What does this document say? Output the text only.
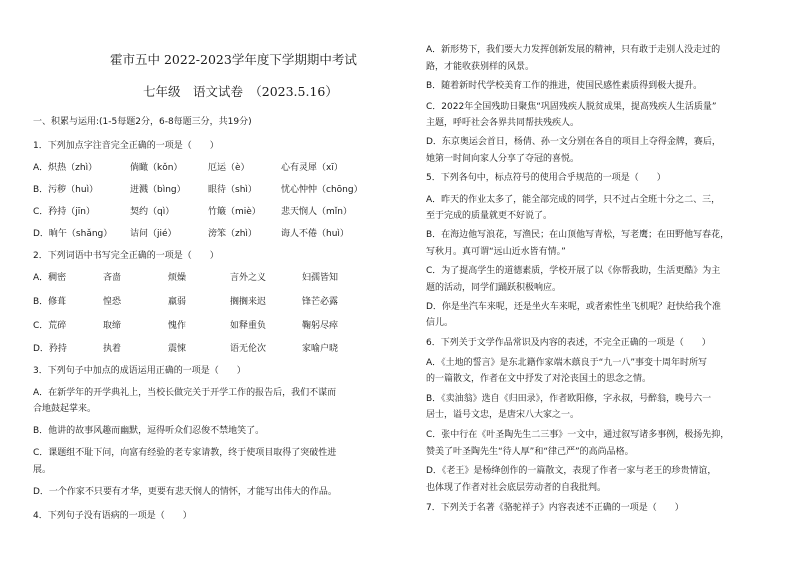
霍市五中 2022-2023学年度下学期期中考试
七年级　语文试卷　（2023.5.16）
一、积累与运用:(1-5每题2分，6-8每题三分，共19分)
1．下列加点字注音完全正确的一项是（　　）
A．炽热（zhì）	倘瞰（kǒn）	厄运（è）	心有灵犀（xī）
B．污秽（huì）	迸溅（bìng） 眼待（shì）	忧心忡忡（chōng）
C．矜持（jīn）	契约（qì）	竹簸（miè） 悲天悯人（mǐn）
D．晌午（shǎng） 诘问（jié）	滂笨（zhì）	诲人不倦（huì）
2．下列词语中书写完全正确的一项是（　　）
A．稠密	吝啬	烦燥	言外之义	妇孺皆知
B．修葺	惶恐	羸弱	搁搁来迟	锋芒必露
C．荒碎	取缔	愧作	如释重负	鞠躬尽瘁
D．矜持	执着	震悚	语无伦次	家喻户晓
3．下列句子中加点的成语运用正确的一项是（　　）
A．在新学年的开学典礼上，当校长做完关于开学工作的报告后，我们不谋而
合地鼓起掌来。
B．他讲的故事风趣而幽默，逗得听众们忍俊不禁地笑了。
C．课题组不耻下问，向富有经验的老专家请教，终于使项目取得了突破性进
展。
D．一个作家不只要有才华，更要有悲天悯人的情怀，才能写出伟大的作品。
4．下列句子没有语病的一项是（　　）
A．新形势下，我们要大力发挥创新发展的精神，只有敢于走别人没走过的
路，才能收获别样的风景。
B．随着新时代学校美育工作的推进，使国民感性素质得到极大提升。
C．2022年全国残助日聚焦“巩固残疾人脱贫成果，提高残疾人生活质量”
主题，呼吁社会各界共同帮扶残疾人。
D．东京奥运会首日，杨倩、孙一文分别在各自的项目上夺得金牌，赛后，
她第一时间向家人分享了夺冠的喜悦。
5．下列各句中，标点符号的使用合乎规范的一项是（　　）
A．昨天的作业太多了，能全部完成的同学，只不过占全班十分之二、三，
至于完成的质量就更不好说了。
B．在海边他写浪花，写渔民；在山顶他写青松，写老鹰；在田野他写春花，
写秋月。真可谓“远山近水皆有情。”
C．为了提高学生的道德素质，学校开展了以《你帮我助，生活更酷》为主
题的活动，同学们踊跃积极响应。
D．你是坐汽车来呢，还是坐火车来呢，或者索性坐飞机呢？赶快给我个准
信儿。
6．下列关于文学作品常识及内容的表述，不完全正确的一项是（　　）
A．《土地的誓言》是东北籍作家端木蕻良于“九一八”事变十周年时所写
的一篇散文，作者在文中抒发了对沦丧国土的思念之情。
B．《卖油翁》选自《归田录》，作者欧阳修，字永叔，号醉翁，晚号六一
居士，谥号文忠，是唐宋八大家之一。
C．张中行在《叶圣陶先生二三事》一文中，通过叙写诸多事例，极扬先抑，
赞美了叶圣陶先生“待人厚”和“律己严”的高尚品格。
D．《老王》是杨绛创作的一篇散文，表现了作者一家与老王的珍贵情谊，
也体现了作者对社会底层劳动者的自我批判。
7．下列关于名著《骆驼祥子》内容表述不正确的一项是（　　）
